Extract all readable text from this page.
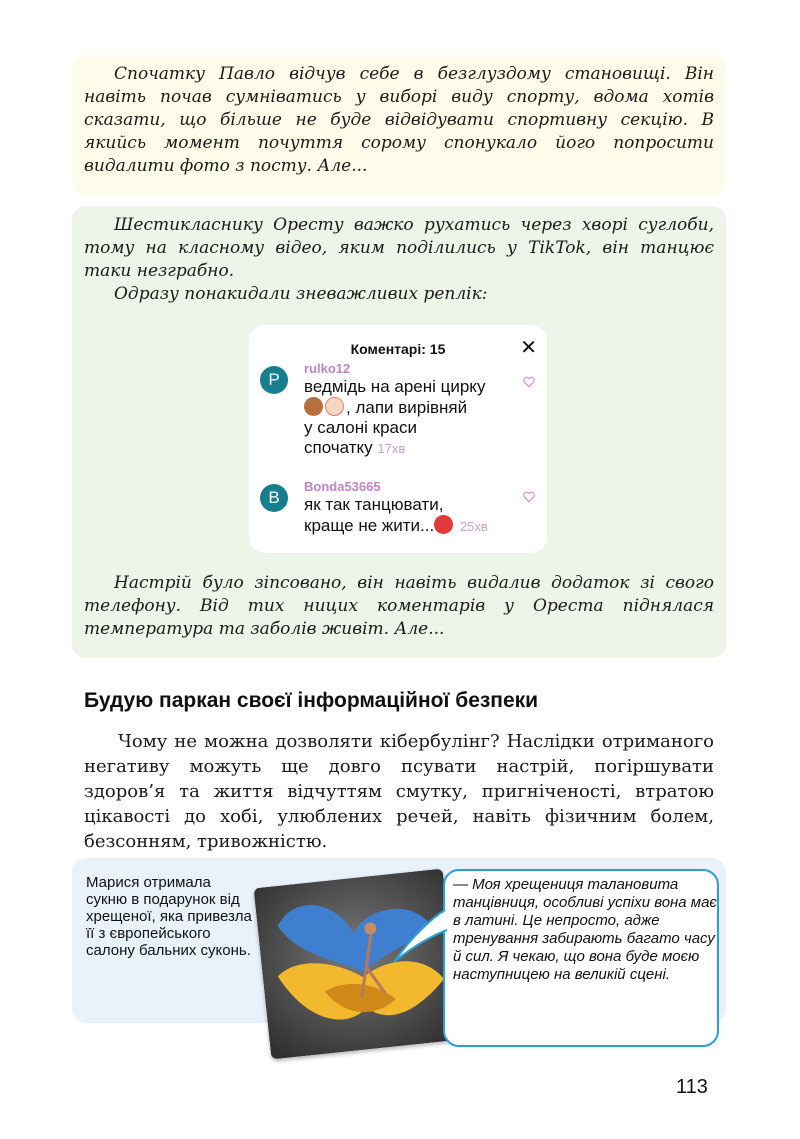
Спочатку Павло відчув себе в безглуздому становищі. Він навіть почав сумніватись у виборі виду спорту, вдома хотів сказати, що більше не буде відвідувати спортивну секцію. В якийсь момент почуття сорому спонукало його попросити видалити фото з посту. Але...

Шестикласнику Оресту важко рухатись через хворі суглоби, тому на класному відео, яким поділились у TikTok, він танцює таки незграбно.

Одразу понакидали зневажливих реплік:

Коментарі: 15	✕
P
rulko12
ведмідь на арені цирку
, лапи вирівняй
у салоні краси
спочатку 17хв
B
Bonda53665
як так танцювати,
краще не жити... 25хв

Настрій було зіпсовано, він навіть видалив додаток зі свого телефону. Від тих ницих коментарів у Ореста піднялася температура та заболів живіт. Але...

Будую паркан своєї інформаційної безпеки

Чому не можна дозволяти кібербулінг? Наслідки отриманого негативу можуть ще довго псувати настрій, погіршувати здоров’я та життя відчуттям смутку, пригніченості, втратою цікавості до хобі, улюблених речей, навіть фізичним болем, безсонням, тривожністю.

Марися отримала сукню в подарунок від хрещеної, яка привезла її з європейського салону бальних суконь.
— Моя хрещениця талановита танцівниця, особливі успіхи вона має в латині. Це непросто, адже тренування забирають багато часу й сил. Я чекаю, що вона буде моєю наступницею на великій сцені.
113
